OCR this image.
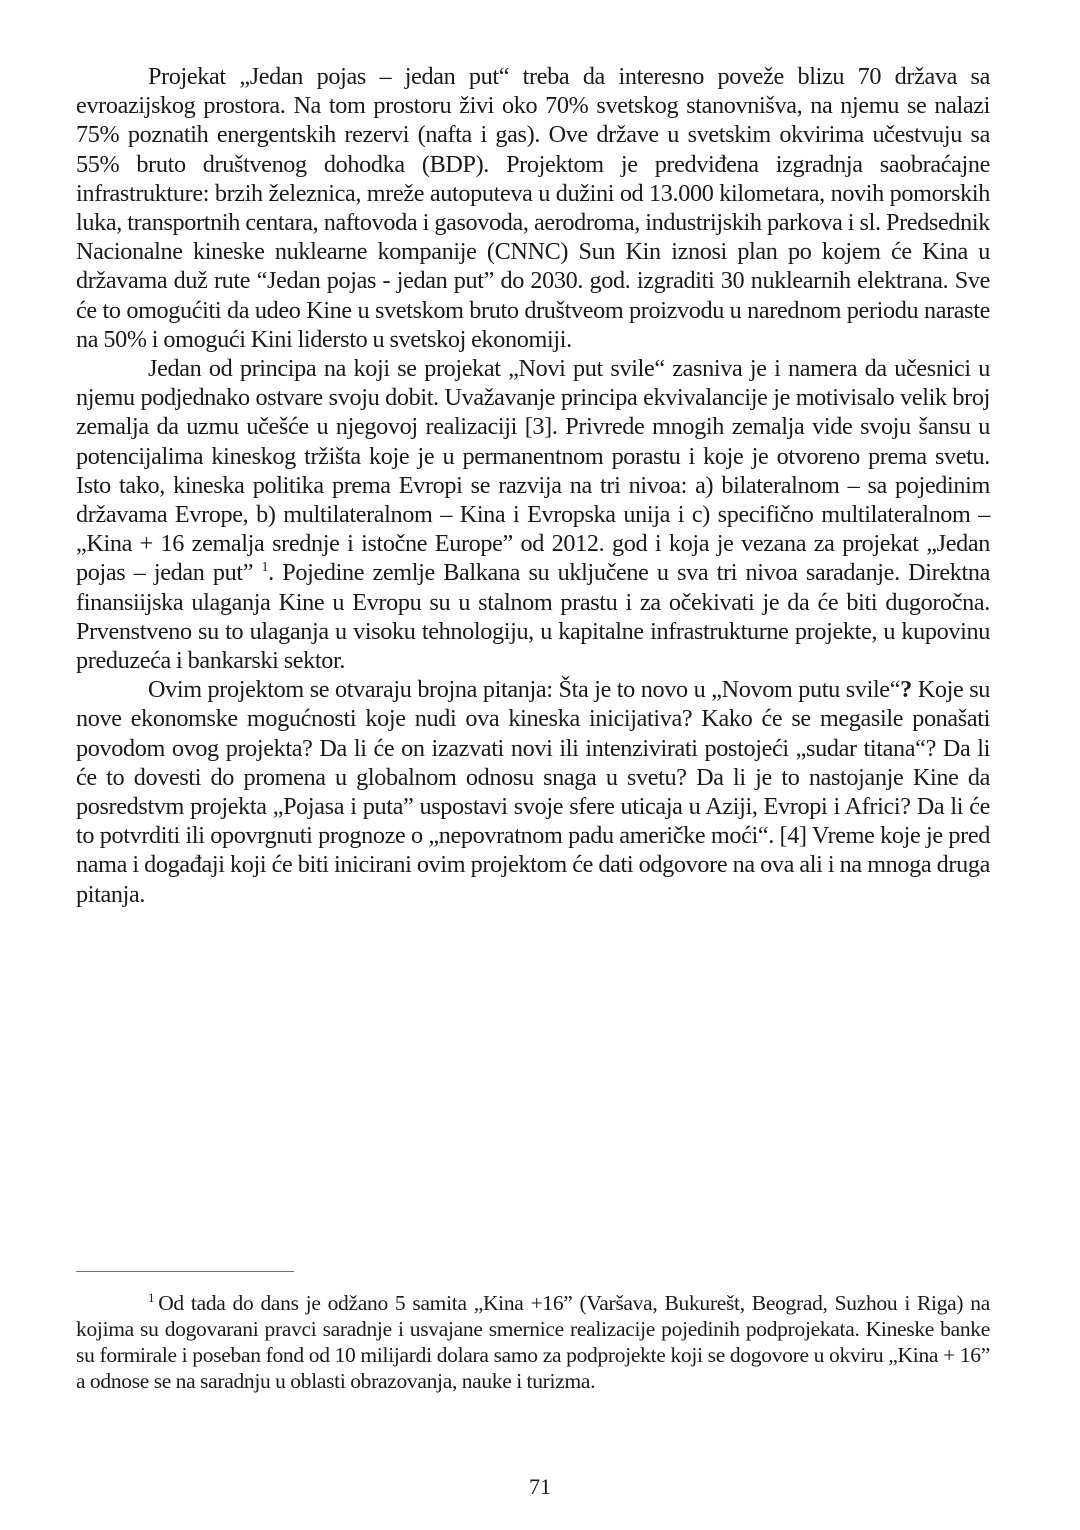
Projekat „Jedan pojas – jedan put“ treba da interesno poveže blizu 70 država sa evroazijskog prostora. Na tom prostoru živi oko 70% svetskog stanovnišva, na njemu se nalazi 75% poznatih energentskih rezervi (nafta i gas). Ove države u svetskim okvirima učestvuju sa 55% bruto društvenog dohodka (BDP). Projektom je predviđena izgradnja saobraćajne infrastrukture: brzih železnica, mreže autoputeva u dužini od 13.000 kilometara, novih pomorskih luka, transportnih centara, naftovoda i gasovoda, aerodroma, industrijskih parkova i sl. Predsednik Nacionalne kineske nuklearne kompanije (CNNC) Sun Kin iznosi plan po kojem će Kina u državama duž rute “Jedan pojas - jedan put” do 2030. god. izgraditi 30 nuklearnih elektrana. Sve će to omogućiti da udeo Kine u svetskom bruto društveom proizvodu u narednom periodu naraste na 50% i omogući Kini lidersto u svetskoj ekonomiji.

Jedan od principa na koji se projekat „Novi put svile“ zasniva je i namera da učesnici u njemu podjednako ostvare svoju dobit. Uvažavanje principa ekvivalancije je motivisalo velik broj zemalja da uzmu učešće u njegovoj realizaciji [3]. Privrede mnogih zemalja vide svoju šansu u potencijalima kineskog tržišta koje je u permanentnom porastu i koje je otvoreno prema svetu. Isto tako, kineska politika prema Evropi se razvija na tri nivoa: a) bilateralnom – sa pojedinim državama Evrope, b) multilateralnom – Kina i Evropska unija i c) specifično multilateralnom – „Kina + 16 zemalja srednje i istočne Europe” od 2012. god i koja je vezana za projekat „Jedan pojas – jedan put” $^1$. Pojedine zemlje Balkana su uključene u sva tri nivoa saradanje. Direktna finansiijska ulaganja Kine u Evropu su u stalnom prastu i za očekivati je da će biti dugoročna. Prvenstveno su to ulaganja u visoku tehnologiju, u kapitalne infrastrukturne projekte, u kupovinu preduzeća i bankarski sektor.

Ovim projektom se otvaraju brojna pitanja: Šta je to novo u „Novom putu svile“? Koje su nove ekonomske mogućnosti koje nudi ova kineska inicijativa? Kako će se megasile ponašati povodom ovog projekta? Da li će on izazvati novi ili intenzivirati postojeći „sudar titana“? Da li će to dovesti do promena u globalnom odnosu snaga u svetu? Da li je to nastojanje Kine da posredstvm projekta „Pojasa i puta” uspostavi svoje sfere uticaja u Aziji, Evropi i Africi? Da li će to potvrditi ili opovrgnuti prognoze o „nepovratnom padu američke moći“. [4] Vreme koje je pred nama i događaji koji će biti inicirani ovim projektom će dati odgovore na ova ali i na mnoga druga pitanja.

$^1$ Od tada do dans je odžano 5 samita „Kina +16” (Varšava, Bukurešt, Beograd, Suzhou i Riga) na kojima su dogovarani pravci saradnje i usvajane smernice realizacije pojedinih podprojekata. Kineske banke su formirale i poseban fond od 10 milijardi dolara samo za podprojekte koji se dogovore u okviru „Kina + 16” a odnose se na saradnju u oblasti obrazovanja, nauke i turizma.

71
